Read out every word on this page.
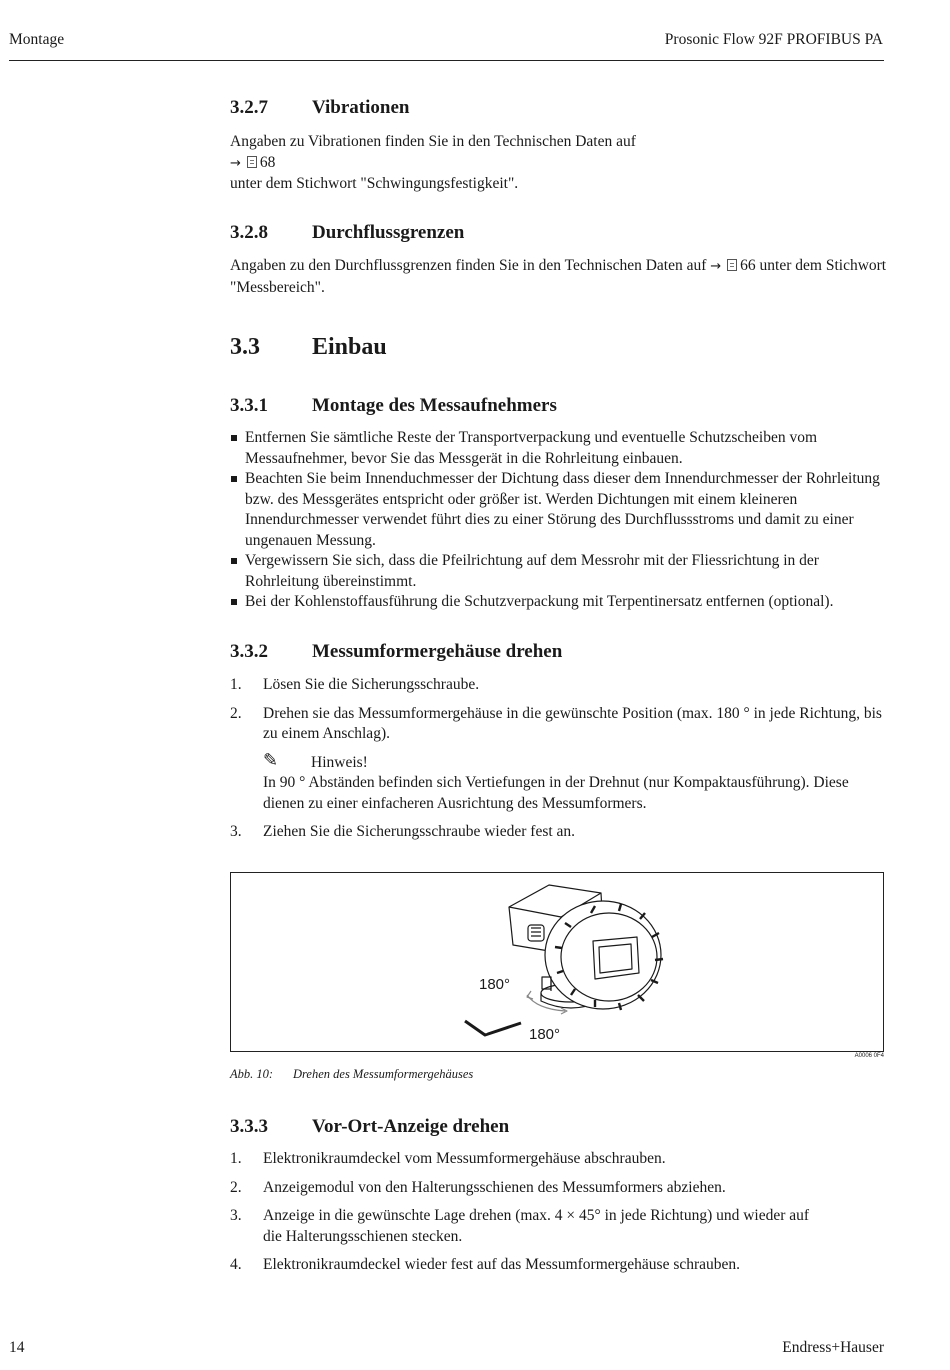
Montage	Prosonic Flow 92F PROFIBUS PA
3.2.7 Vibrationen
Angaben zu Vibrationen finden Sie in den Technischen Daten auf
→ 68
unter dem Stichwort "Schwingungsfestigkeit".
3.2.8 Durchflussgrenzen
Angaben zu den Durchflussgrenzen finden Sie in den Technischen Daten auf → 66 unter dem Stichwort "Messbereich".
3.3 Einbau
3.3.1 Montage des Messaufnehmers
Entfernen Sie sämtliche Reste der Transportverpackung und eventuelle Schutzscheiben vom Messaufnehmer, bevor Sie das Messgerät in die Rohrleitung einbauen.
Beachten Sie beim Innenduchmesser der Dichtung dass dieser dem Innendurchmesser der Rohrleitung bzw. des Messgerätes entspricht oder größer ist. Werden Dichtungen mit einem kleineren Innendurchmesser verwendet führt dies zu einer Störung des Durchflussstroms und damit zu einer ungenauen Messung.
Vergewissern Sie sich, dass die Pfeilrichtung auf dem Messrohr mit der Fliessrichtung in der Rohrleitung übereinstimmt.
Bei der Kohlenstoffausführung die Schutzverpackung mit Terpentinersatz entfernen (optional).
3.3.2 Messumformergehäuse drehen
1. Lösen Sie die Sicherungsschraube.
2. Drehen sie das Messumformergehäuse in die gewünschte Position (max. 180 ° in jede Richtung, bis zu einem Anschlag).
✎ Hinweis!
In 90 ° Abständen befinden sich Vertiefungen in der Drehnut (nur Kompaktausführung). Diese dienen zu einer einfacheren Ausrichtung des Messumformers.
3. Ziehen Sie die Sicherungsschraube wieder fest an.
180°
180°
A0006 0F4
Abb. 10: Drehen des Messumformergehäuses
3.3.3 Vor-Ort-Anzeige drehen
1. Elektronikraumdeckel vom Messumformergehäuse abschrauben.
2. Anzeigemodul von den Halterungsschienen des Messumformers abziehen.
3. Anzeige in die gewünschte Lage drehen (max. 4 × 45° in jede Richtung) und wieder auf die Halterungsschienen stecken.
4. Elektronikraumdeckel wieder fest auf das Messumformergehäuse schrauben.
14	Endress+Hauser
